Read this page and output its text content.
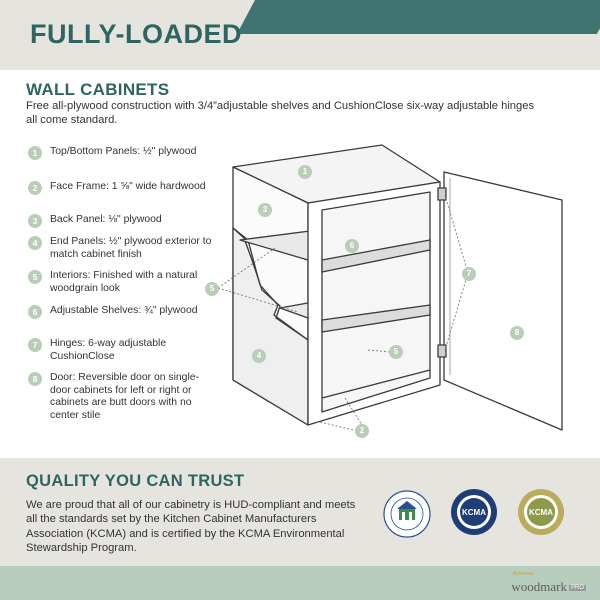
FULLY-LOADED
WALL CABINETS
Free all-plywood construction with 3/4”adjustable shelves and CushionClose six-way adjustable hinges all come standard.
1	Top/Bottom Panels: ½" plywood
2	Face Frame: 1 ⅝" wide hardwood
3	Back Panel: ⅛" plywood
4	End Panels: ½" plywood exterior to match cabinet finish
5	Interiors: Finished with a natural woodgrain look
6	Adjustable Shelves: ¾" plywood
7	Hinges: 6-way adjustable CushionClose
8	Door: Reversible door on single-door cabinets for left or right or cabinets are butt doors with no center stile
1
3
6
5
7
4
8
5
2
QUALITY YOU CAN TRUST
We are proud that all of our cabinetry is HUD-compliant and meets all the standards set by the Kitchen Cabinet Manufacturers Association (KCMA) and is certified by the KCMA Environmental Stewardship Program.
KCMA	KCMA
American
woodmark PRO
